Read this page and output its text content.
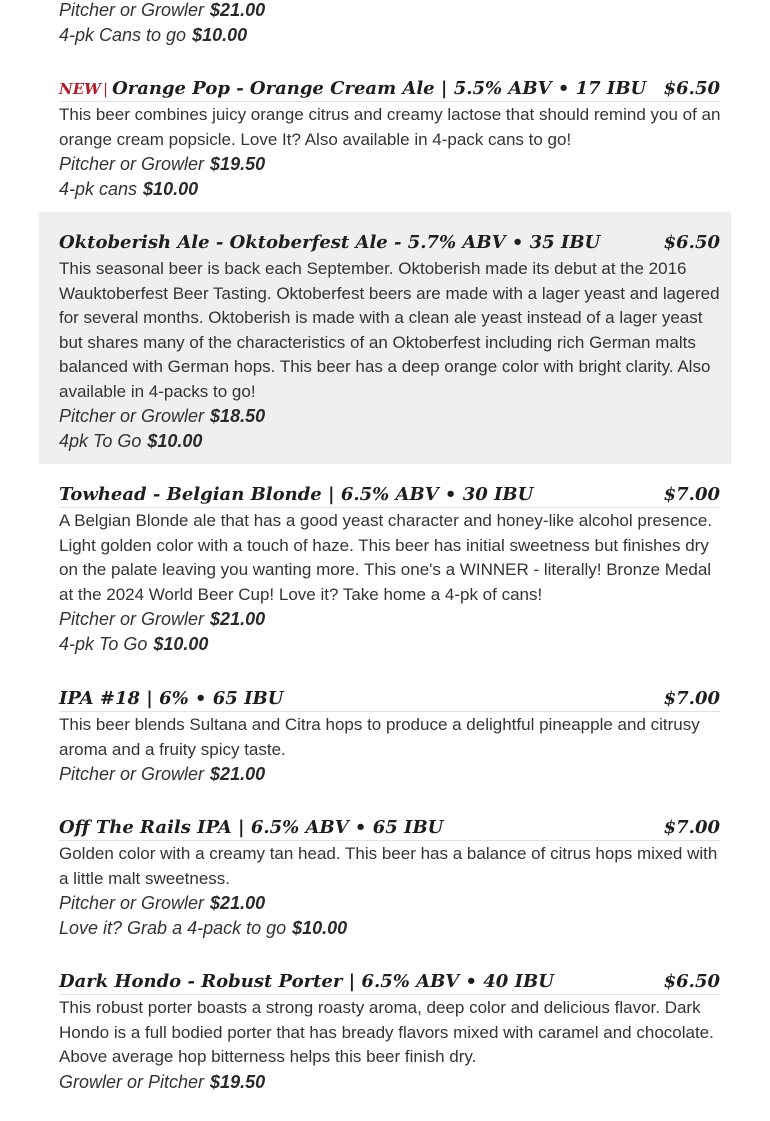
Pitcher or Growler $21.00
4-pk Cans to go $10.00
NEW | Orange Pop - Orange Cream Ale | 5.5% ABV • 17 IBU $6.50
This beer combines juicy orange citrus and creamy lactose that should remind you of an orange cream popsicle. Love It? Also available in 4-pack cans to go!
Pitcher or Growler $19.50
4-pk cans $10.00
Oktoberish Ale - Oktoberfest Ale - 5.7% ABV • 35 IBU	$6.50
This seasonal beer is back each September. Oktoberish made its debut at the 2016 Wauktoberfest Beer Tasting. Oktoberfest beers are made with a lager yeast and lagered for several months. Oktoberish is made with a clean ale yeast instead of a lager yeast but shares many of the characteristics of an Oktoberfest including rich German malts balanced with German hops. This beer has a deep orange color with bright clarity. Also available in 4-packs to go!
Pitcher or Growler $18.50
4pk To Go $10.00
Towhead - Belgian Blonde | 6.5% ABV • 30 IBU	$7.00
A Belgian Blonde ale that has a good yeast character and honey-like alcohol presence. Light golden color with a touch of haze. This beer has initial sweetness but finishes dry on the palate leaving you wanting more. This one's a WINNER - literally! Bronze Medal at the 2024 World Beer Cup! Love it? Take home a 4-pk of cans!
Pitcher or Growler $21.00
4-pk To Go $10.00
IPA #18 | 6% • 65 IBU	$7.00
This beer blends Sultana and Citra hops to produce a delightful pineapple and citrusy aroma and a fruity spicy taste.
Pitcher or Growler $21.00
Off The Rails IPA | 6.5% ABV • 65 IBU	$7.00
Golden color with a creamy tan head. This beer has a balance of citrus hops mixed with a little malt sweetness.
Pitcher or Growler $21.00
Love it? Grab a 4-pack to go $10.00
Dark Hondo - Robust Porter | 6.5% ABV • 40 IBU	$6.50
This robust porter boasts a strong roasty aroma, deep color and delicious flavor. Dark Hondo is a full bodied porter that has bready flavors mixed with caramel and chocolate. Above average hop bitterness helps this beer finish dry.
Growler or Pitcher $19.50
